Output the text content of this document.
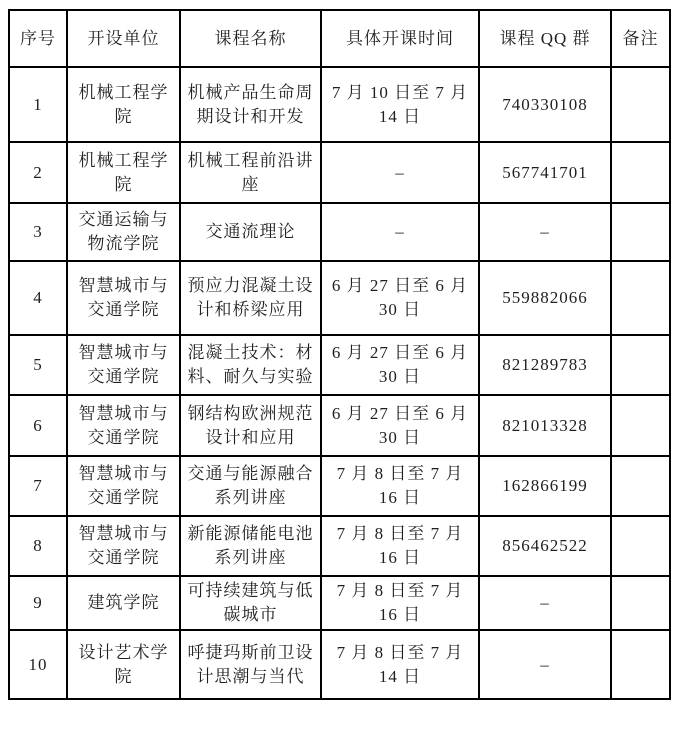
序号	开设单位	课程名称	具体开课时间	课程 QQ 群	备注
1	机械工程学院	机械产品生命周期设计和开发	7 月 10 日至 7 月 14 日	740330108	
2	机械工程学院	机械工程前沿讲座	–	567741701	
3	交通运输与物流学院	交通流理论	–	–	
4	智慧城市与交通学院	预应力混凝土设计和桥梁应用	6 月 27 日至 6 月 30 日	559882066	
5	智慧城市与交通学院	混凝土技术：材料、耐久与实验	6 月 27 日至 6 月 30 日	821289783	
6	智慧城市与交通学院	钢结构欧洲规范设计和应用	6 月 27 日至 6 月 30 日	821013328	
7	智慧城市与交通学院	交通与能源融合系列讲座	7 月 8 日至 7 月 16 日	162866199	
8	智慧城市与交通学院	新能源储能电池系列讲座	7 月 8 日至 7 月 16 日	856462522	
9	建筑学院	可持续建筑与低碳城市	7 月 8 日至 7 月 16 日	–	
10	设计艺术学院	呼捷玛斯前卫设计思潮与当代	7 月 8 日至 7 月 14 日	–	
